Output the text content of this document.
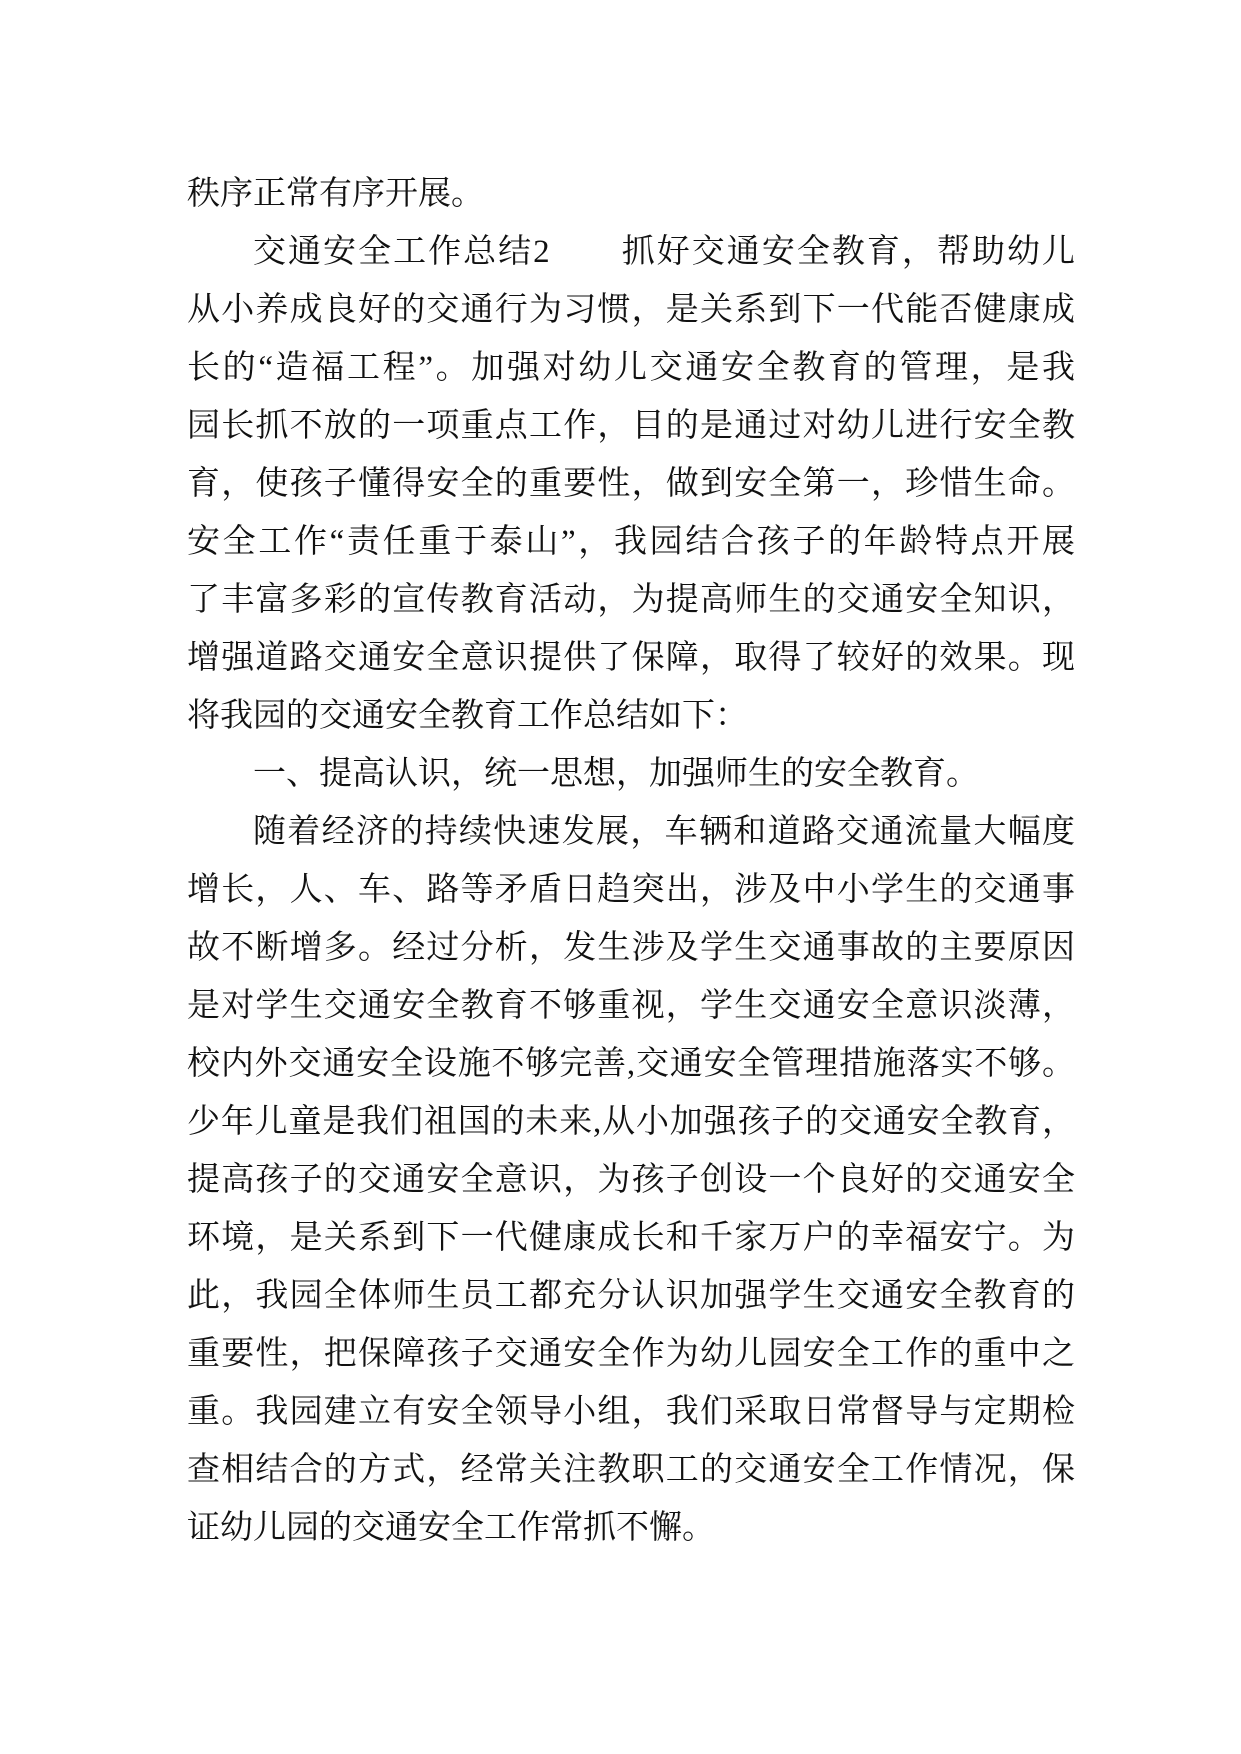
秩序正常有序开展。
交通安全工作总结2　　抓好交通安全教育，帮助幼儿
从小养成良好的交通行为习惯，是关系到下一代能否健康成
长的“造福工程”。加强对幼儿交通安全教育的管理，是我
园长抓不放的一项重点工作，目的是通过对幼儿进行安全教
育，使孩子懂得安全的重要性，做到安全第一，珍惜生命。
安全工作“责任重于泰山”，我园结合孩子的年龄特点开展
了丰富多彩的宣传教育活动，为提高师生的交通安全知识，
增强道路交通安全意识提供了保障，取得了较好的效果。现
将我园的交通安全教育工作总结如下：
一、提高认识，统一思想，加强师生的安全教育。
随着经济的持续快速发展，车辆和道路交通流量大幅度
增长，人、车、路等矛盾日趋突出，涉及中小学生的交通事
故不断增多。经过分析，发生涉及学生交通事故的主要原因
是对学生交通安全教育不够重视，学生交通安全意识淡薄，
校内外交通安全设施不够完善,交通安全管理措施落实不够。
少年儿童是我们祖国的未来,从小加强孩子的交通安全教育，
提高孩子的交通安全意识，为孩子创设一个良好的交通安全
环境，是关系到下一代健康成长和千家万户的幸福安宁。为
此，我园全体师生员工都充分认识加强学生交通安全教育的
重要性，把保障孩子交通安全作为幼儿园安全工作的重中之
重。我园建立有安全领导小组，我们采取日常督导与定期检
查相结合的方式，经常关注教职工的交通安全工作情况，保
证幼儿园的交通安全工作常抓不懈。
